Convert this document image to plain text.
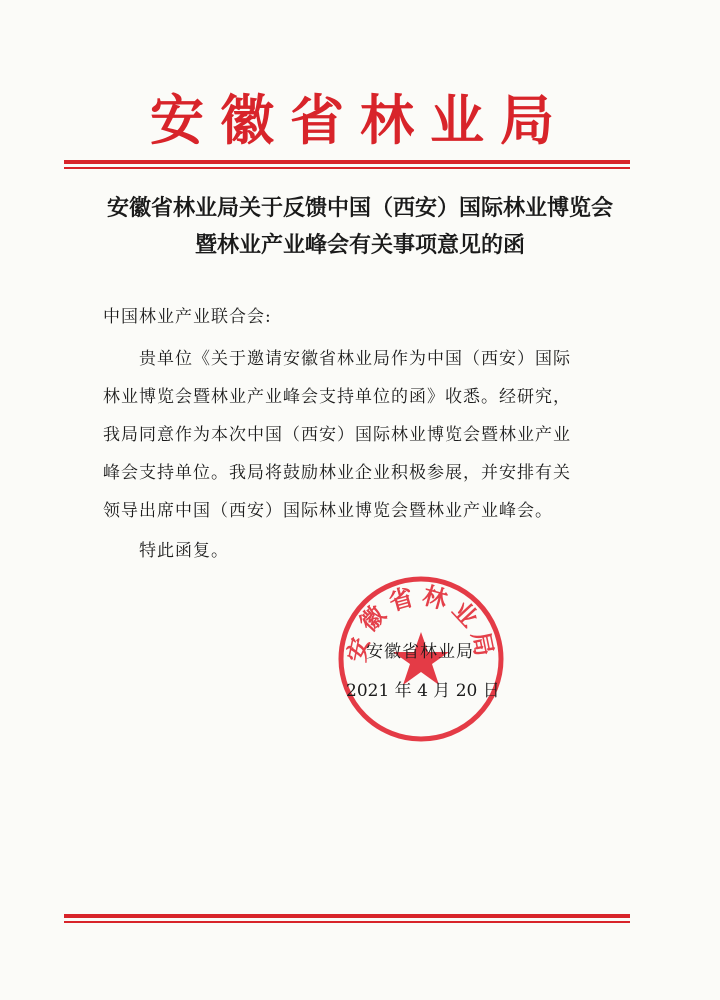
安徽省林业局
安徽省林业局关于反馈中国（西安）国际林业博览会
暨林业产业峰会有关事项意见的函
中国林业产业联合会:
贵单位《关于邀请安徽省林业局作为中国（西安）国际
林业博览会暨林业产业峰会支持单位的函》收悉。经研究，
我局同意作为本次中国（西安）国际林业博览会暨林业产业
峰会支持单位。我局将鼓励林业企业积极参展，并安排有关
领导出席中国（西安）国际林业博览会暨林业产业峰会。
特此函复。
安徽省林业局
安徽省林业局
2021 年 4 月 20 日
